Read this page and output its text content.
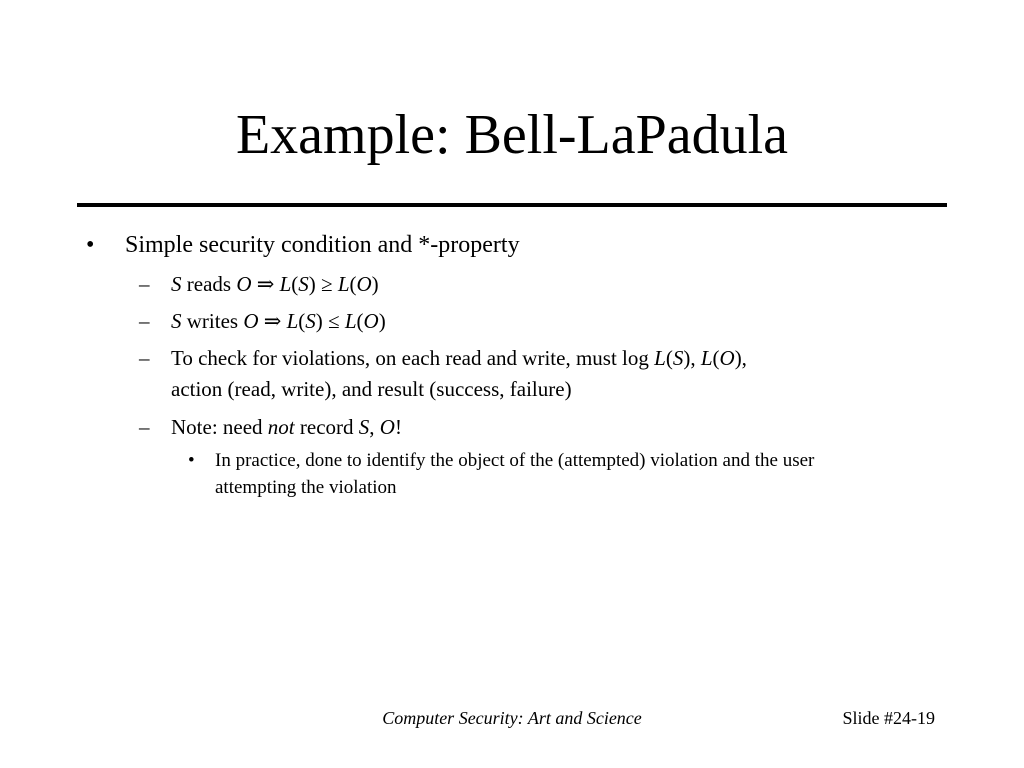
Example: Bell-LaPadula
• Simple security condition and *-property

– S reads O ⇒ L(S) ≥ L(O)

– S writes O ⇒ L(S) ≤ L(O)

– To check for violations, on each read and write, must log L(S), L(O),

action (read, write), and result (success, failure)

– Note: need not record S, O!

• In practice, done to identify the object of the (attempted) violation and the user

attempting the violation

Computer Security: Art and Science	Slide #24-19
